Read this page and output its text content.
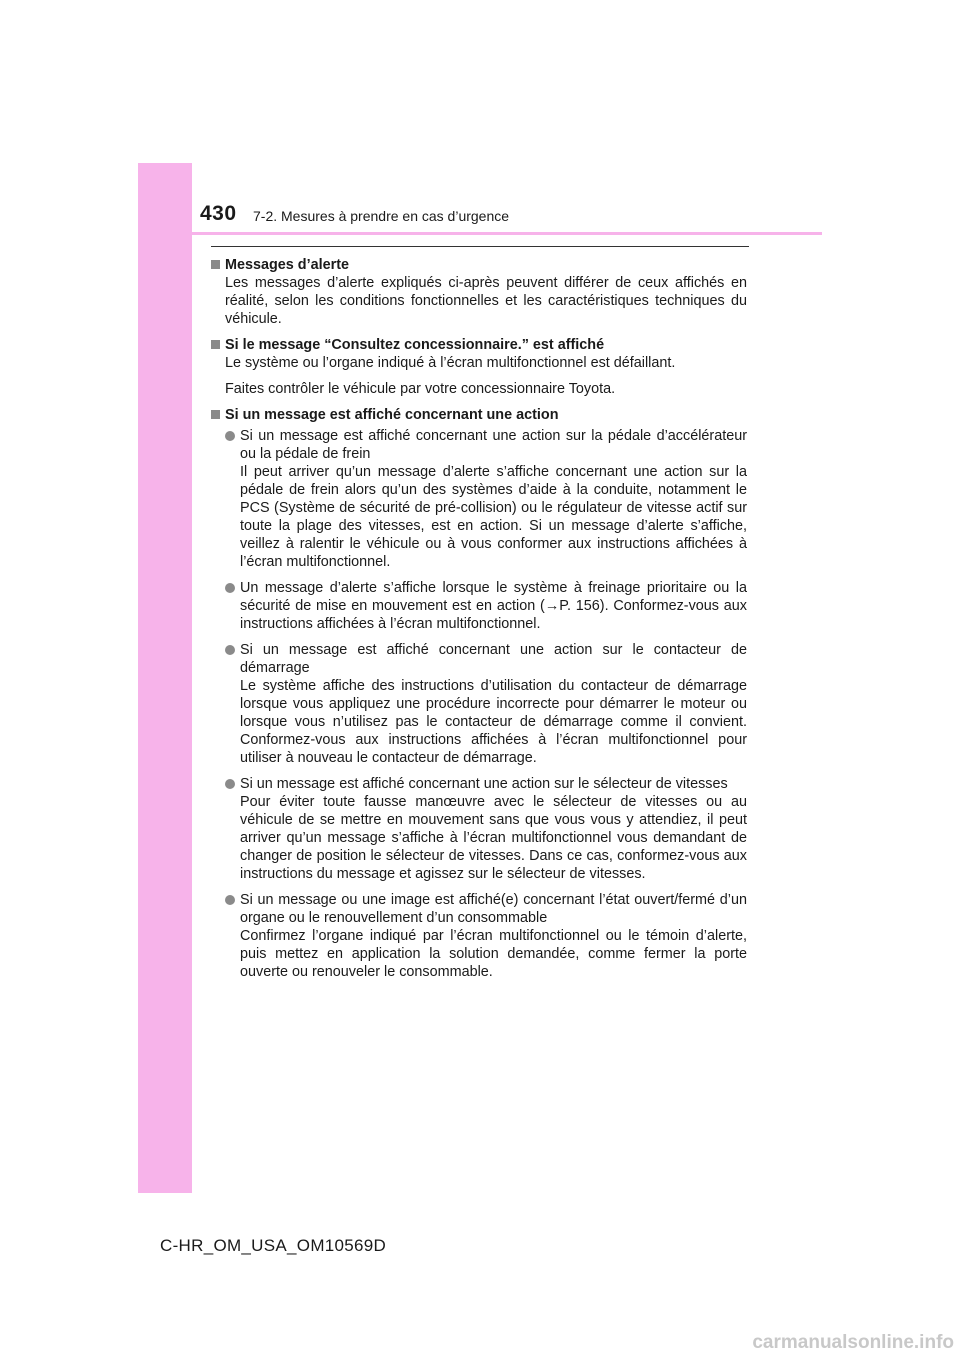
430 7-2. Mesures à prendre en cas d’urgence
Messages d’alerte
Les messages d’alerte expliqués ci-après peuvent différer de ceux affichés en réalité, selon les conditions fonctionnelles et les caractéristiques techniques du véhicule.
Si le message “Consultez concessionnaire.” est affiché
Le système ou l’organe indiqué à l’écran multifonctionnel est défaillant.
Faites contrôler le véhicule par votre concessionnaire Toyota.
Si un message est affiché concernant une action
Si un message est affiché concernant une action sur la pédale d’accélérateur ou la pédale de frein
Il peut arriver qu’un message d’alerte s’affiche concernant une action sur la pédale de frein alors qu’un des systèmes d’aide à la conduite, notamment le PCS (Système de sécurité de pré-collision) ou le régulateur de vitesse actif sur toute la plage des vitesses, est en action. Si un message d’alerte s’affiche, veillez à ralentir le véhicule ou à vous conformer aux instructions affichées à l’écran multifonctionnel.
Un message d’alerte s’affiche lorsque le système à freinage prioritaire ou la sécurité de mise en mouvement est en action (→P. 156). Conformez-vous aux instructions affichées à l’écran multifonctionnel.
Si un message est affiché concernant une action sur le contacteur de démarrage
Le système affiche des instructions d’utilisation du contacteur de démarrage lorsque vous appliquez une procédure incorrecte pour démarrer le moteur ou lorsque vous n’utilisez pas le contacteur de démarrage comme il convient. Conformez-vous aux instructions affichées à l’écran multifonctionnel pour utiliser à nouveau le contacteur de démarrage.
Si un message est affiché concernant une action sur le sélecteur de vitesses
Pour éviter toute fausse manœuvre avec le sélecteur de vitesses ou au véhicule de se mettre en mouvement sans que vous vous y attendiez, il peut arriver qu’un message s’affiche à l’écran multifonctionnel vous demandant de changer de position le sélecteur de vitesses. Dans ce cas, conformez-vous aux instructions du message et agissez sur le sélecteur de vitesses.
Si un message ou une image est affiché(e) concernant l’état ouvert/fermé d’un organe ou le renouvellement d’un consommable
Confirmez l’organe indiqué par l’écran multifonctionnel ou le témoin d’alerte, puis mettez en application la solution demandée, comme fermer la porte ouverte ou renouveler le consommable.
C-HR_OM_USA_OM10569D
carmanualsonline.info
